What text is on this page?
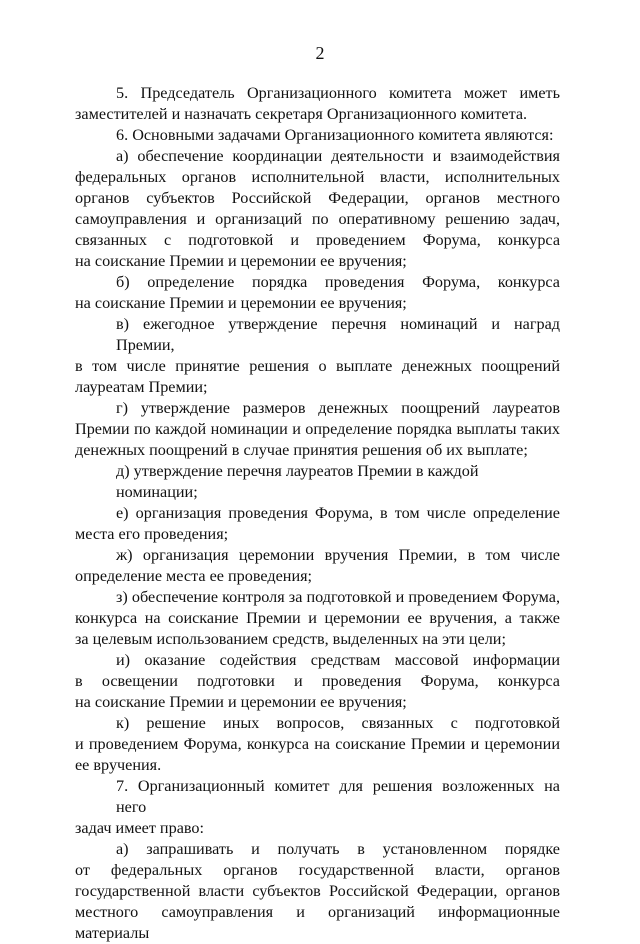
2

5. Председатель Организационного комитета может иметь
заместителей и назначать секретаря Организационного комитета.

6. Основными задачами Организационного комитета являются:

а) обеспечение координации деятельности и взаимодействия
федеральных органов исполнительной власти, исполнительных
органов субъектов Российской Федерации, органов местного
самоуправления и организаций по оперативному решению задач,
связанных с подготовкой и проведением Форума, конкурса
на соискание Премии и церемонии ее вручения;

б) определение порядка проведения Форума, конкурса
на соискание Премии и церемонии ее вручения;

в) ежегодное утверждение перечня номинаций и наград Премии,
в том числе принятие решения о выплате денежных поощрений
лауреатам Премии;

г) утверждение размеров денежных поощрений лауреатов
Премии по каждой номинации и определение порядка выплаты таких
денежных поощрений в случае принятия решения об их выплате;

д) утверждение перечня лауреатов Премии в каждой номинации;

е) организация проведения Форума, в том числе определение
места его проведения;

ж) организация церемонии вручения Премии, в том числе
определение места ее проведения;

з) обеспечение контроля за подготовкой и проведением Форума,
конкурса на соискание Премии и церемонии ее вручения, а также
за целевым использованием средств, выделенных на эти цели;

и) оказание содействия средствам массовой информации
в освещении подготовки и проведения Форума, конкурса
на соискание Премии и церемонии ее вручения;

к) решение иных вопросов, связанных с подготовкой
и проведением Форума, конкурса на соискание Премии и церемонии
ее вручения.

7. Организационный комитет для решения возложенных на него
задач имеет право:

а) запрашивать и получать в установленном порядке
от федеральных органов государственной власти, органов
государственной власти субъектов Российской Федерации, органов
местного самоуправления и организаций информационные материалы
